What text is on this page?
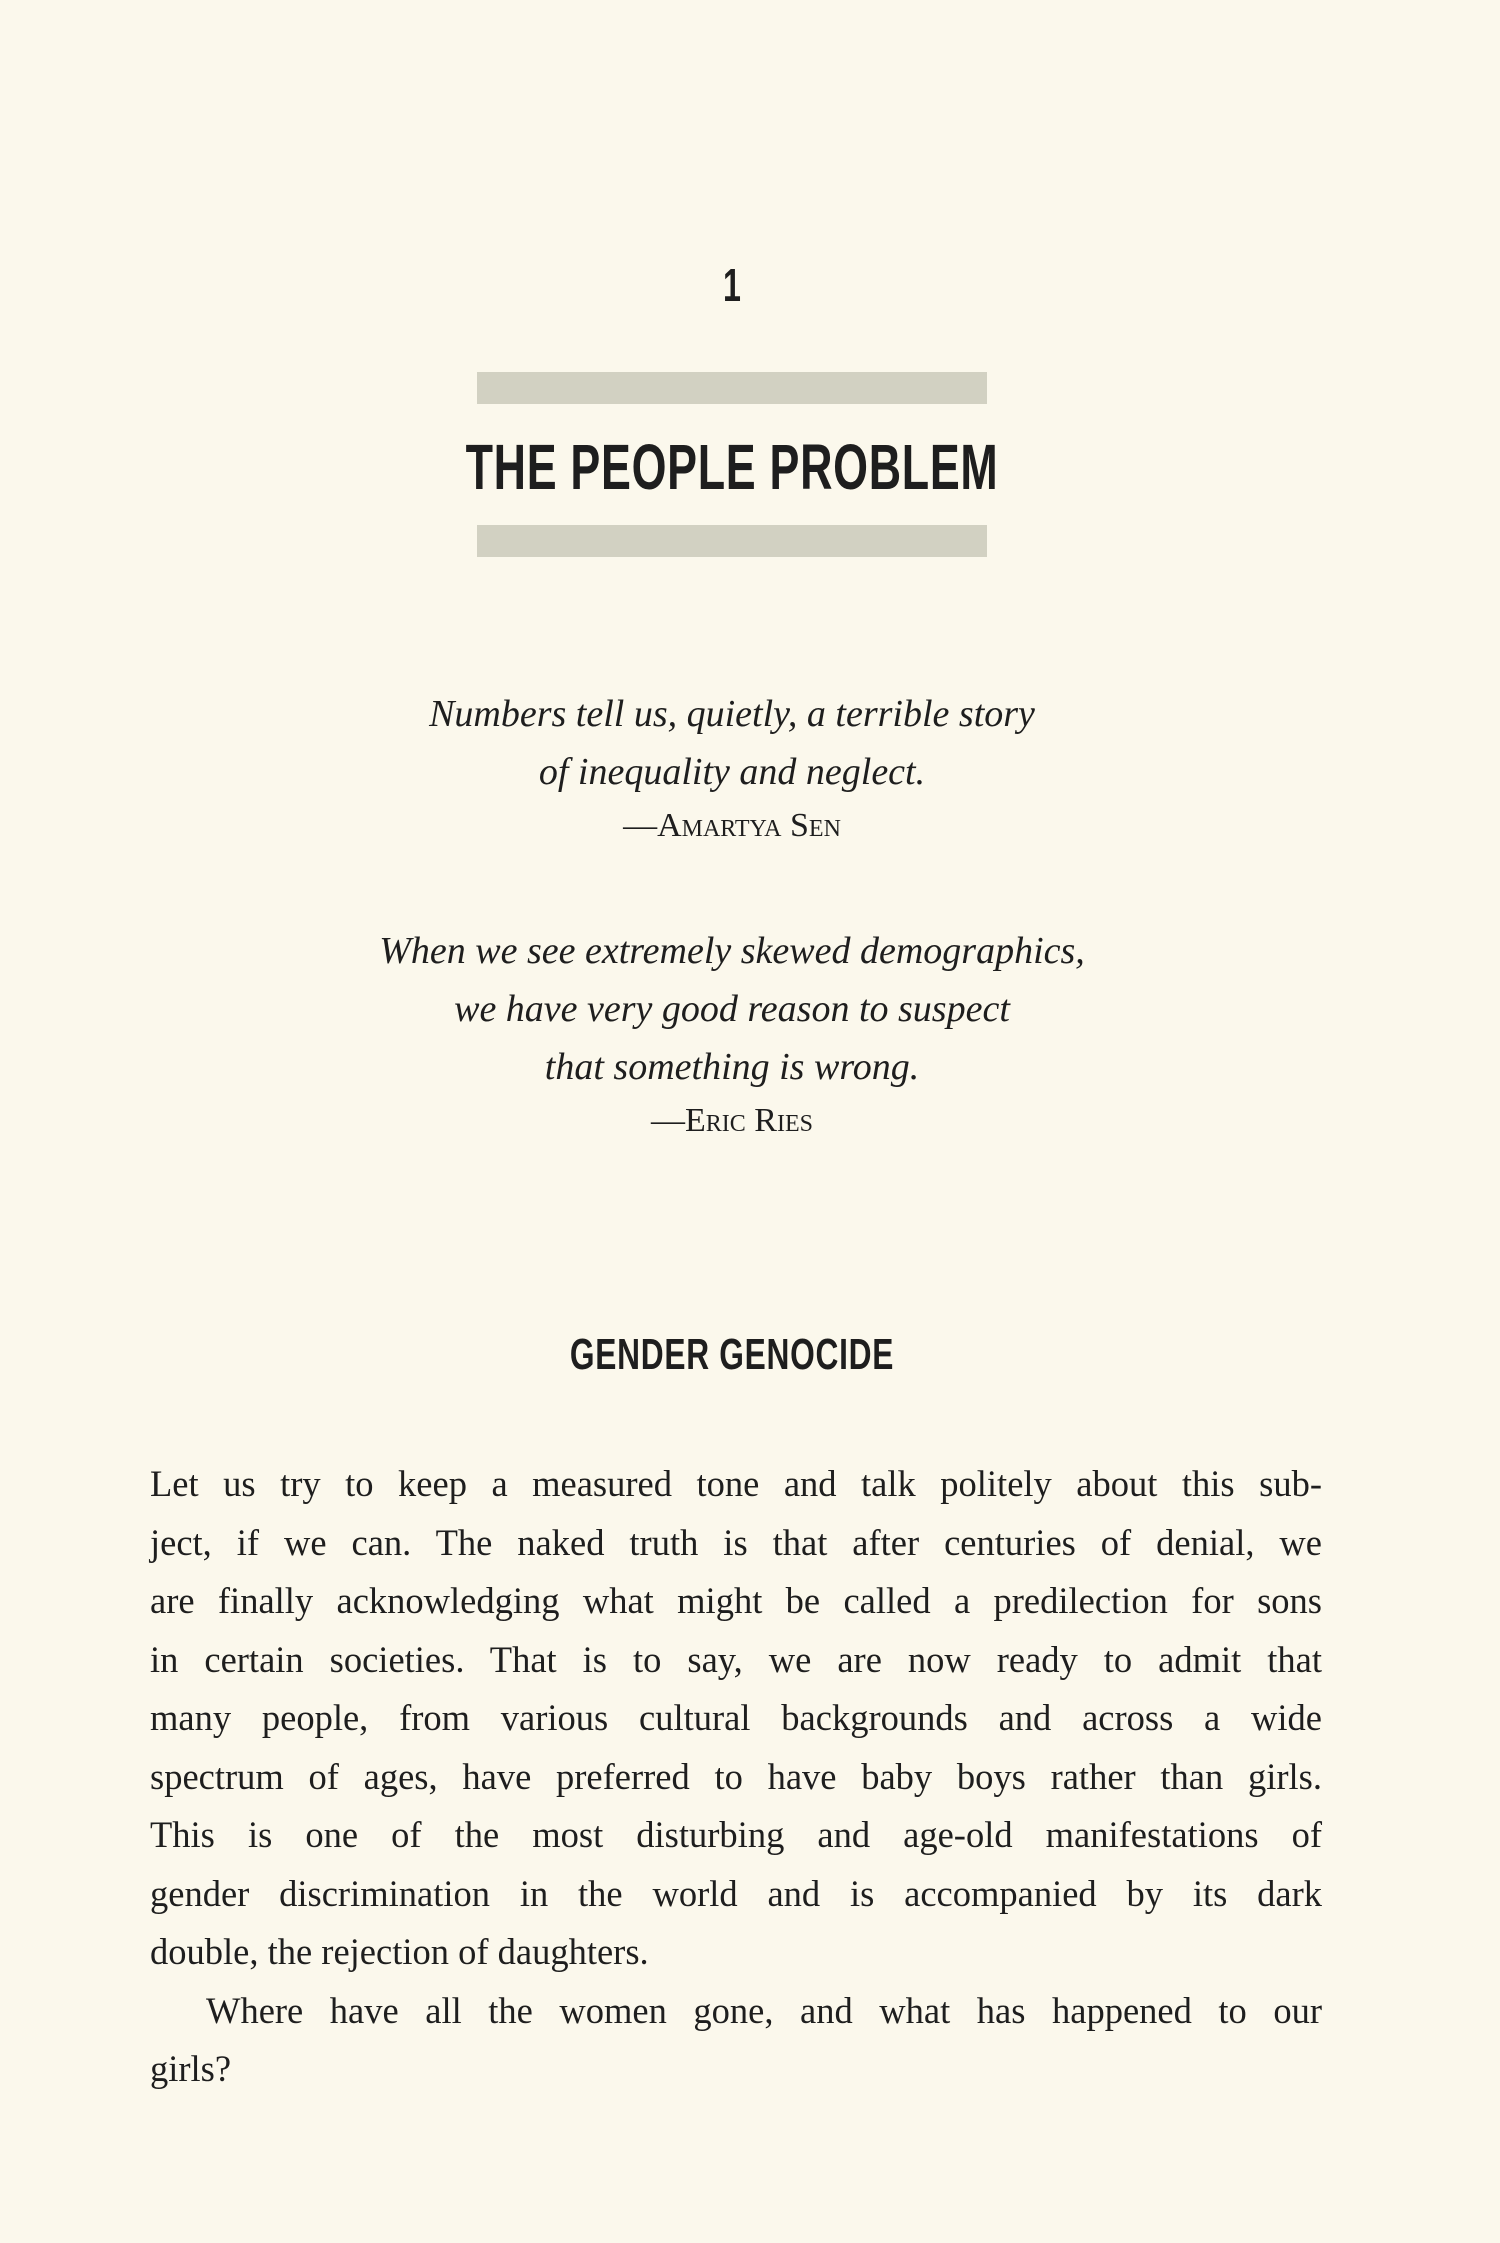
1
THE PEOPLE PROBLEM
Numbers tell us, quietly, a terrible story
of inequality and neglect.
—Amartya Sen
When we see extremely skewed demographics,
we have very good reason to suspect
that something is wrong.
—Eric Ries
GENDER GENOCIDE
Let us try to keep a measured tone and talk politely about this sub-
ject, if we can. The naked truth is that after centuries of denial, we
are finally acknowledging what might be called a predilection for sons
in certain societies. That is to say, we are now ready to admit that
many people, from various cultural backgrounds and across a wide
spectrum of ages, have preferred to have baby boys rather than girls.
This is one of the most disturbing and age-old manifestations of
gender discrimination in the world and is accompanied by its dark
double, the rejection of daughters.
Where have all the women gone, and what has happened to our
girls?
